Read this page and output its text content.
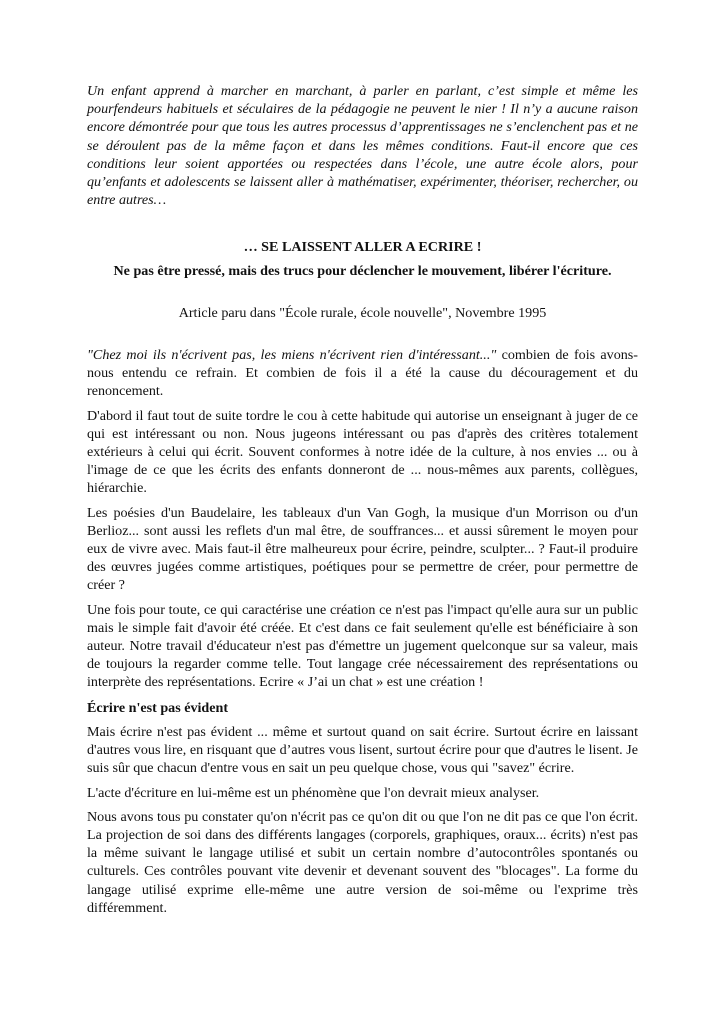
Un enfant apprend à marcher en marchant, à parler en parlant, c’est simple et même les pourfendeurs habituels et séculaires de la pédagogie ne peuvent le nier ! Il n’y a aucune raison encore démontrée pour que tous les autres processus d’apprentissages ne s’enclenchent pas et ne se déroulent pas de la même façon et dans les mêmes conditions. Faut-il encore que ces conditions leur soient apportées ou respectées dans l’école, une autre école alors, pour qu’enfants et adolescents se laissent aller à mathématiser, expérimenter, théoriser, rechercher, ou entre autres…

… SE LAISSENT ALLER A ECRIRE !

Ne pas être pressé, mais des trucs pour déclencher le mouvement, libérer l'écriture.

Article paru dans "École rurale, école nouvelle", Novembre 1995

"Chez moi ils n'écrivent pas, les miens n'écrivent rien d'intéressant..." combien de fois avons-nous entendu ce refrain. Et combien de fois il a été la cause du découragement et du renoncement.

D'abord il faut tout de suite tordre le cou à cette habitude qui autorise un enseignant à juger de ce qui est intéressant ou non. Nous jugeons intéressant ou pas d'après des critères totalement extérieurs à celui qui écrit. Souvent conformes à notre idée de la culture, à nos envies ... ou à l'image de ce que les écrits des enfants donneront de ... nous-mêmes aux parents, collègues, hiérarchie.

Les poésies d'un Baudelaire, les tableaux d'un Van Gogh, la musique d'un Morrison ou d'un Berlioz... sont aussi les reflets d'un mal être, de souffrances... et aussi sûrement le moyen pour eux de vivre avec. Mais faut-il être malheureux pour écrire, peindre, sculpter... ? Faut-il produire des œuvres jugées comme artistiques, poétiques pour se permettre de créer, pour permettre de créer ?

Une fois pour toute, ce qui caractérise une création ce n'est pas l'impact qu'elle aura sur un public mais le simple fait d'avoir été créée. Et c'est dans ce fait seulement qu'elle est bénéficiaire à son auteur. Notre travail d'éducateur n'est pas d'émettre un jugement quelconque sur sa valeur, mais de toujours la regarder comme telle. Tout langage crée nécessairement des représentations ou interprète des représentations. Ecrire « J’ai un chat » est une création !

Écrire n'est pas évident

Mais écrire n'est pas évident ... même et surtout quand on sait écrire. Surtout écrire en laissant d'autres vous lire, en risquant que d’autres vous lisent, surtout écrire pour que d'autres le lisent. Je suis sûr que chacun d'entre vous en sait un peu quelque chose, vous qui "savez" écrire.

L'acte d'écriture en lui-même est un phénomène que l'on devrait mieux analyser.

Nous avons tous pu constater qu'on n'écrit pas ce qu'on dit ou que l'on ne dit pas ce que l'on écrit. La projection de soi dans des différents langages (corporels, graphiques, oraux... écrits) n'est pas la même suivant le langage utilisé et subit un certain nombre d’autocontrôles spontanés ou culturels. Ces contrôles pouvant vite devenir et devenant souvent des "blocages". La forme du langage utilisé exprime elle-même une autre version de soi-même ou l'exprime très différemment.
